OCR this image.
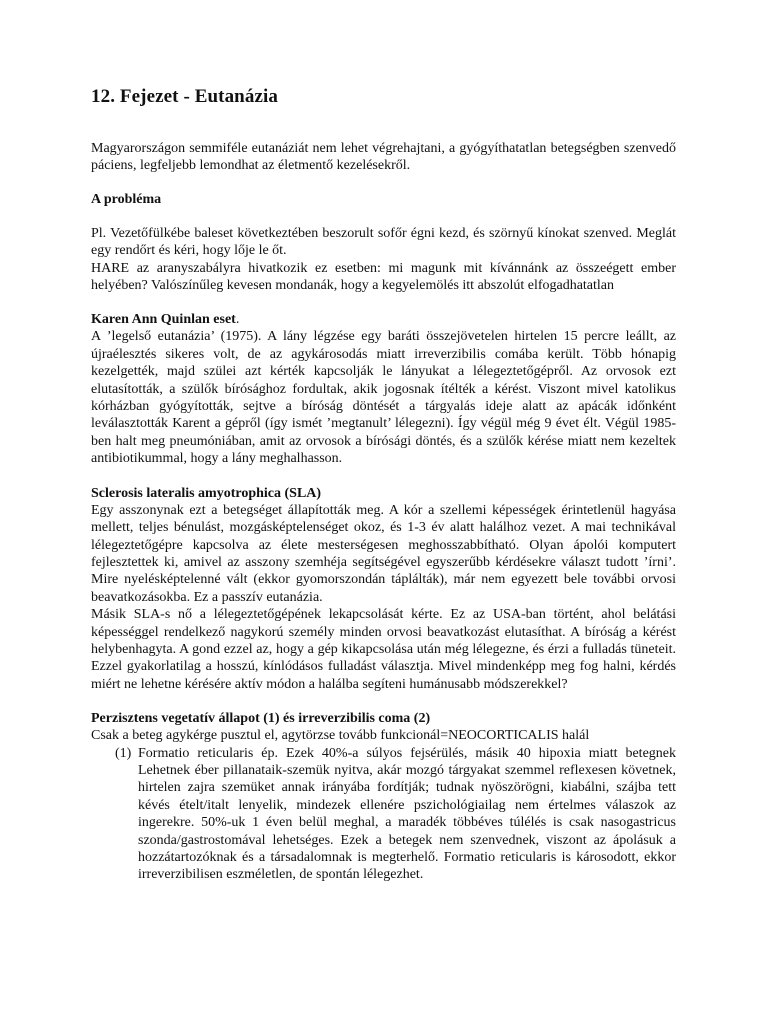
12. Fejezet - Eutanázia

Magyarországon semmiféle eutanáziát nem lehet végrehajtani, a gyógyíthatatlan betegségben szenvedő páciens, legfeljebb lemondhat az életmentő kezelésekről.

A probléma

Pl. Vezetőfülkébe baleset következtében beszorult sofőr égni kezd, és szörnyű kínokat szenved. Meglát egy rendőrt és kéri, hogy lője le őt.

HARE az aranyszabályra hivatkozik ez esetben: mi magunk mit kívánnánk az összeégett ember helyében? Valószínűleg kevesen mondanák, hogy a kegyelemölés itt abszolút elfogadhatatlan

Karen Ann Quinlan eset.

A ’legelső eutanázia’ (1975). A lány légzése egy baráti összejövetelen hirtelen 15 percre leállt, az újraélesztés sikeres volt, de az agykárosodás miatt irreverzibilis comába került. Több hónapig kezelgették, majd szülei azt kérték kapcsolják le lányukat a lélegeztetőgépről. Az orvosok ezt elutasították, a szülők bírósághoz fordultak, akik jogosnak ítélték a kérést. Viszont mivel katolikus kórházban gyógyították, sejtve a bíróság döntését a tárgyalás ideje alatt az apácák időnként leválasztották Karent a gépről (így ismét ’megtanult’ lélegezni). Így végül még 9 évet élt. Végül 1985-ben halt meg pneumóniában, amit az orvosok a bírósági döntés, és a szülők kérése miatt nem kezeltek antibiotikummal, hogy a lány meghalhasson.

Sclerosis lateralis amyotrophica (SLA)

Egy asszonynak ezt a betegséget állapították meg. A kór a szellemi képességek érintetlenül hagyása mellett, teljes bénulást, mozgásképtelenséget okoz, és 1-3 év alatt halálhoz vezet. A mai technikával lélegeztetőgépre kapcsolva az élete mesterségesen meghosszabbítható. Olyan ápolói komputert fejlesztettek ki, amivel az asszony szemhéja segítségével egyszerűbb kérdésekre választ tudott ’írni’. Mire nyelésképtelenné vált (ekkor gyomorszondán táplálták), már nem egyezett bele további orvosi beavatkozásokba. Ez a passzív eutanázia.

Másik SLA-s nő a lélegeztetőgépének lekapcsolását kérte. Ez az USA-ban történt, ahol belátási képességgel rendelkező nagykorú személy minden orvosi beavatkozást elutasíthat. A bíróság a kérést helybenhagyta. A gond ezzel az, hogy a gép kikapcsolása után még lélegezne, és érzi a fulladás tüneteit. Ezzel gyakorlatilag a hosszú, kínlódásos fulladást választja. Mivel mindenképp meg fog halni, kérdés miért ne lehetne kérésére aktív módon a halálba segíteni humánusabb módszerekkel?

Perzisztens vegetatív állapot (1) és irreverzibilis coma (2)

Csak a beteg agykérge pusztul el, agytörzse tovább funkcionál=NEOCORTICALIS halál

(1) Formatio reticularis ép. Ezek 40%-a súlyos fejsérülés, másik 40 hipoxia miatt betegnek Lehetnek éber pillanataik-szemük nyitva, akár mozgó tárgyakat szemmel reflexesen követnek, hirtelen zajra szemüket annak irányába fordítják; tudnak nyöszörögni, kiabálni, szájba tett kévés ételt/italt lenyelik, mindezek ellenére pszichológiailag nem értelmes válaszok az ingerekre. 50%-uk 1 éven belül meghal, a maradék többéves túlélés is csak nasogastricus szonda/gastrostomával lehetséges. Ezek a betegek nem szenvednek, viszont az ápolásuk a hozzátartozóknak és a társadalomnak is megterhelő. Formatio reticularis is károsodott, ekkor irreverzibilisen eszméletlen, de spontán lélegezhet.
